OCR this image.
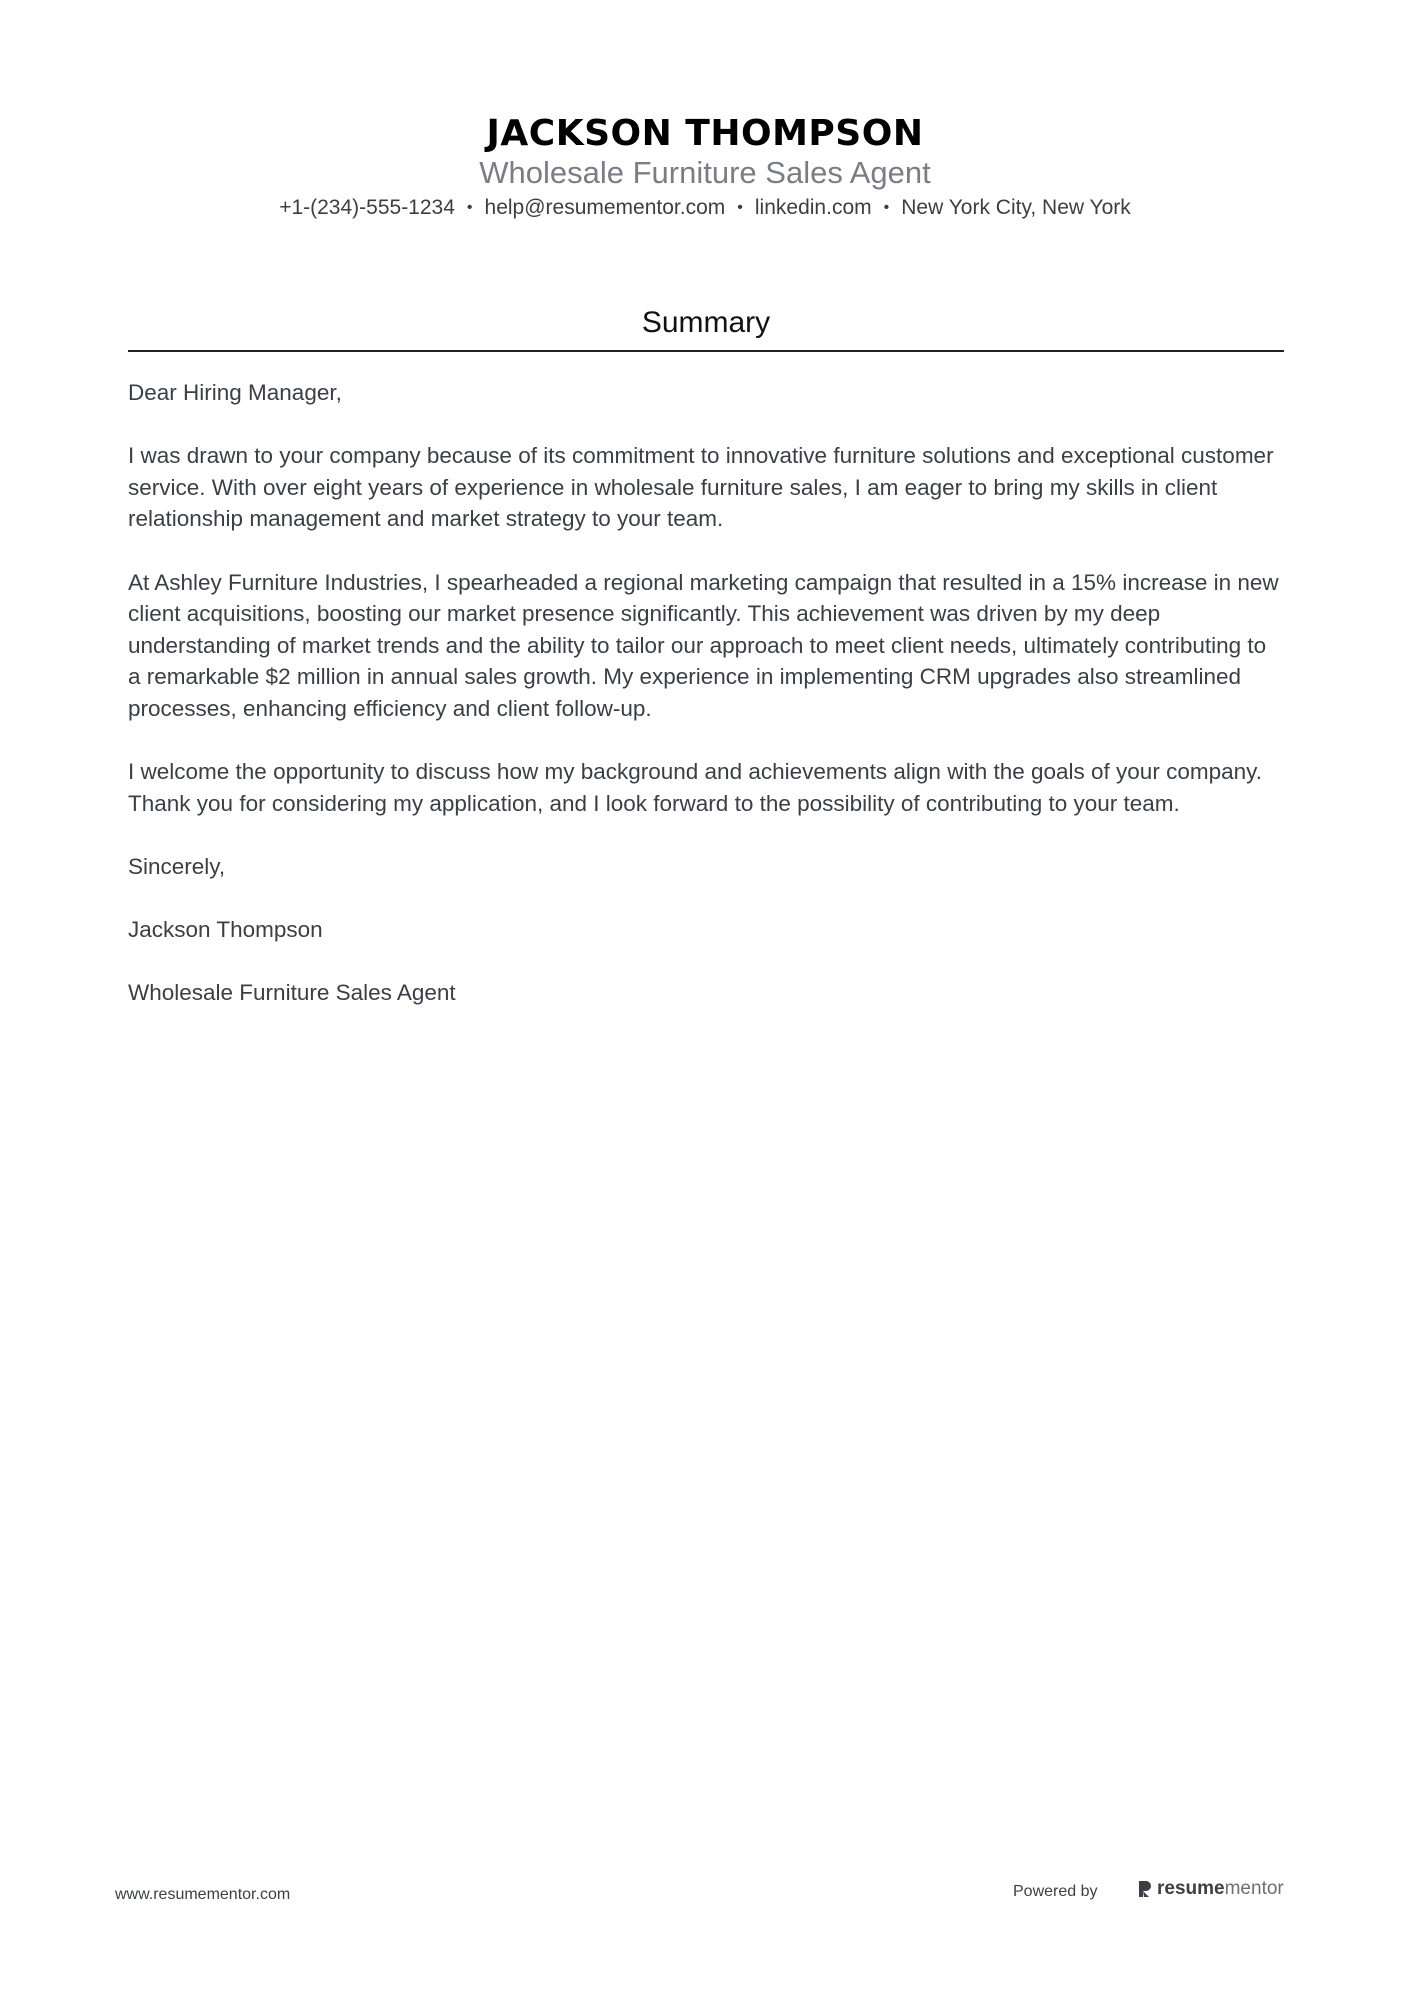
JACKSON THOMPSON
Wholesale Furniture Sales Agent
+1-(234)-555-1234 • help@resumementor.com • linkedin.com • New York City, New York
Summary

Dear Hiring Manager,

I was drawn to your company because of its commitment to innovative furniture solutions and exceptional customer service. With over eight years of experience in wholesale furniture sales, I am eager to bring my skills in client relationship management and market strategy to your team.

At Ashley Furniture Industries, I spearheaded a regional marketing campaign that resulted in a 15% increase in new client acquisitions, boosting our market presence significantly. This achievement was driven by my deep understanding of market trends and the ability to tailor our approach to meet client needs, ultimately contributing to a remarkable $2 million in annual sales growth. My experience in implementing CRM upgrades also streamlined processes, enhancing efficiency and client follow-up.

I welcome the opportunity to discuss how my background and achievements align with the goals of your company. Thank you for considering my application, and I look forward to the possibility of contributing to your team.

Sincerely,

Jackson Thompson

Wholesale Furniture Sales Agent

www.resumementor.com	Powered by	resume mentor
